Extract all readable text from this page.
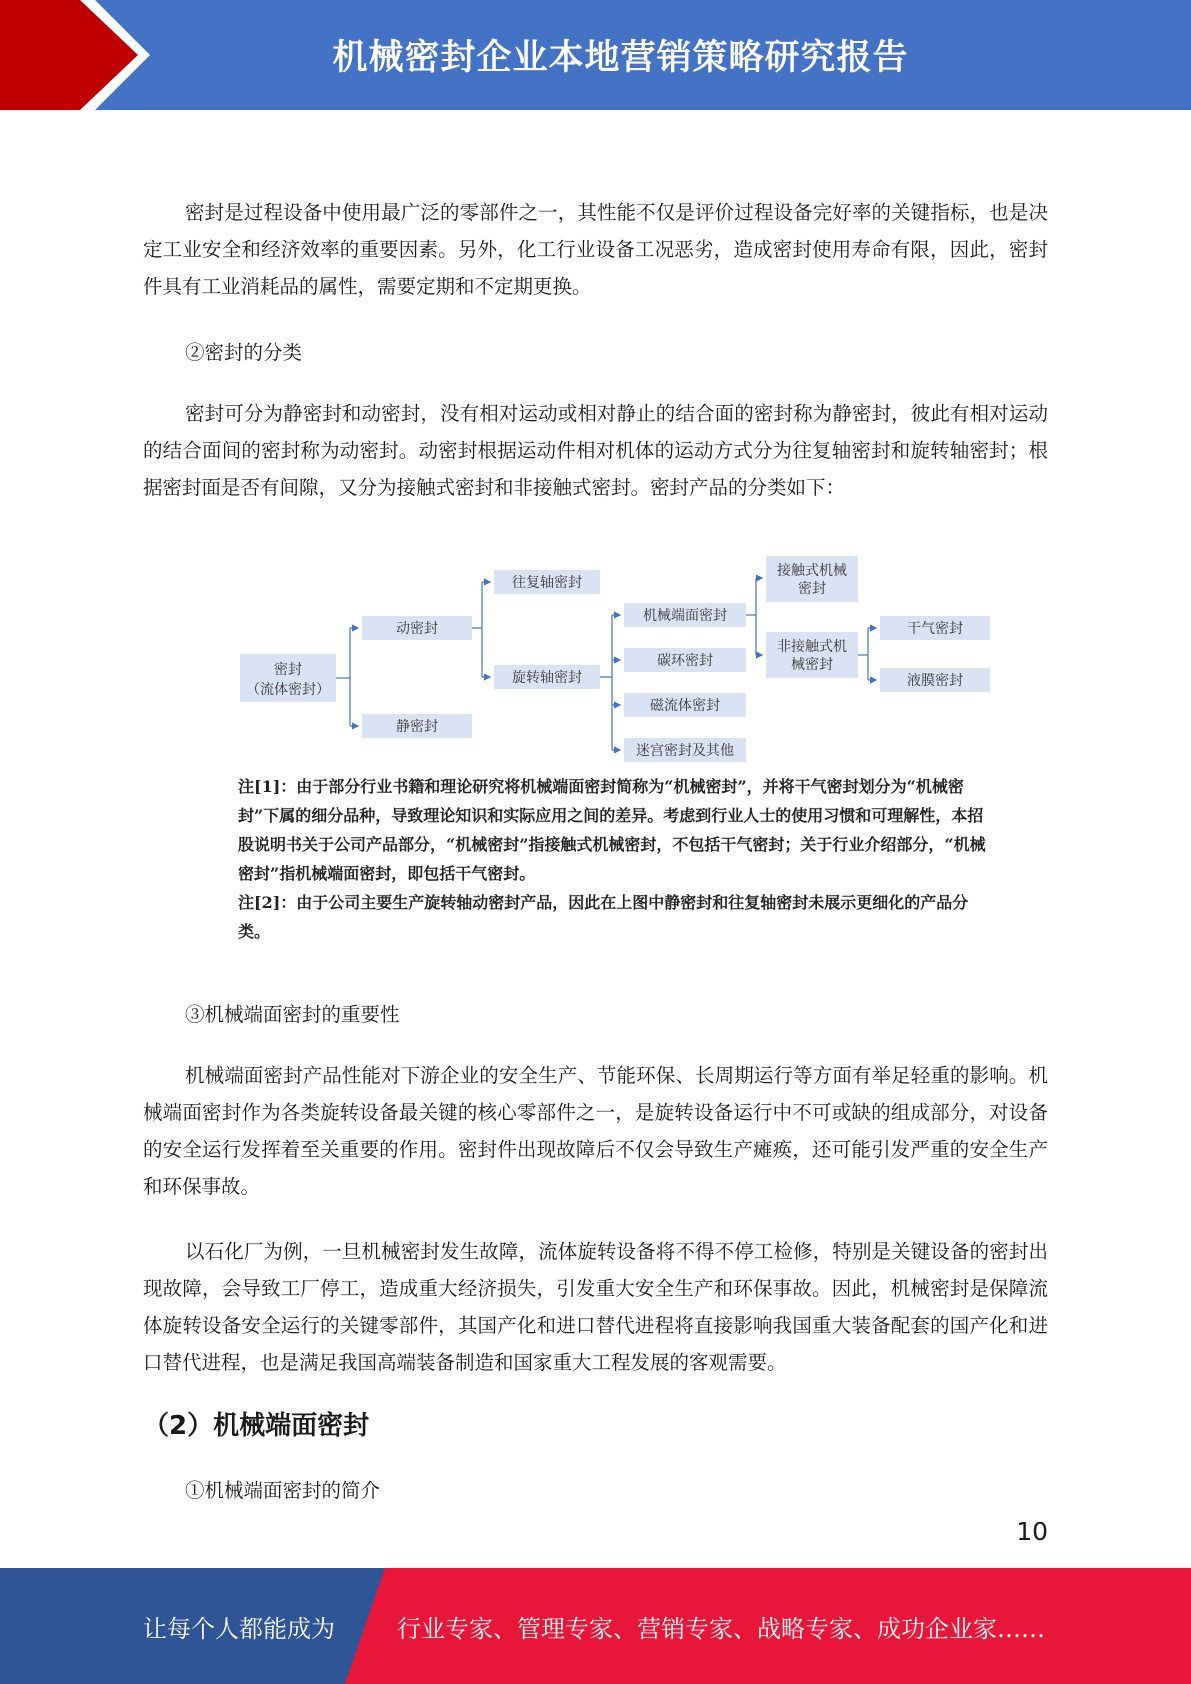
机械密封企业本地营销策略研究报告

密封是过程设备中使用最广泛的零部件之一，其性能不仅是评价过程设备完好率的关键指标，也是决定工业安全和经济效率的重要因素。另外，化工行业设备工况恶劣，造成密封使用寿命有限，因此，密封件具有工业消耗品的属性，需要定期和不定期更换。

②密封的分类

密封可分为静密封和动密封，没有相对运动或相对静止的结合面的密封称为静密封，彼此有相对运动的结合面间的密封称为动密封。动密封根据运动件相对机体的运动方式分为往复轴密封和旋转轴密封；根据密封面是否有间隙，又分为接触式密封和非接触式密封。密封产品的分类如下：

密封
（流体密封）
动密封
静密封
往复轴密封
旋转轴密封
机械端面密封
碳环密封
磁流体密封
迷宫密封及其他
接触式机械
密封
非接触式机
械密封
干气密封
液膜密封

注[1]：由于部分行业书籍和理论研究将机械端面密封简称为“机械密封”，并将干气密封划分为“机械密封”下属的细分品种，导致理论知识和实际应用之间的差异。考虑到行业人士的使用习惯和可理解性，本招股说明书关于公司产品部分，“机械密封”指接触式机械密封，不包括干气密封；关于行业介绍部分，“机械密封”指机械端面密封，即包括干气密封。

注[2]：由于公司主要生产旋转轴动密封产品，因此在上图中静密封和往复轴密封未展示更细化的产品分类。

③机械端面密封的重要性

机械端面密封产品性能对下游企业的安全生产、节能环保、长周期运行等方面有举足轻重的影响。机械端面密封作为各类旋转设备最关键的核心零部件之一，是旋转设备运行中不可或缺的组成部分，对设备的安全运行发挥着至关重要的作用。密封件出现故障后不仅会导致生产瘫痪，还可能引发严重的安全生产和环保事故。

以石化厂为例，一旦机械密封发生故障，流体旋转设备将不得不停工检修，特别是关键设备的密封出现故障，会导致工厂停工，造成重大经济损失，引发重大安全生产和环保事故。因此，机械密封是保障流体旋转设备安全运行的关键零部件，其国产化和进口替代进程将直接影响我国重大装备配套的国产化和进口替代进程，也是满足我国高端装备制造和国家重大工程发展的客观需要。

（2）机械端面密封

①机械端面密封的简介

10
让每个人都能成为	行业专家、管理专家、营销专家、战略专家、成功企业家……
